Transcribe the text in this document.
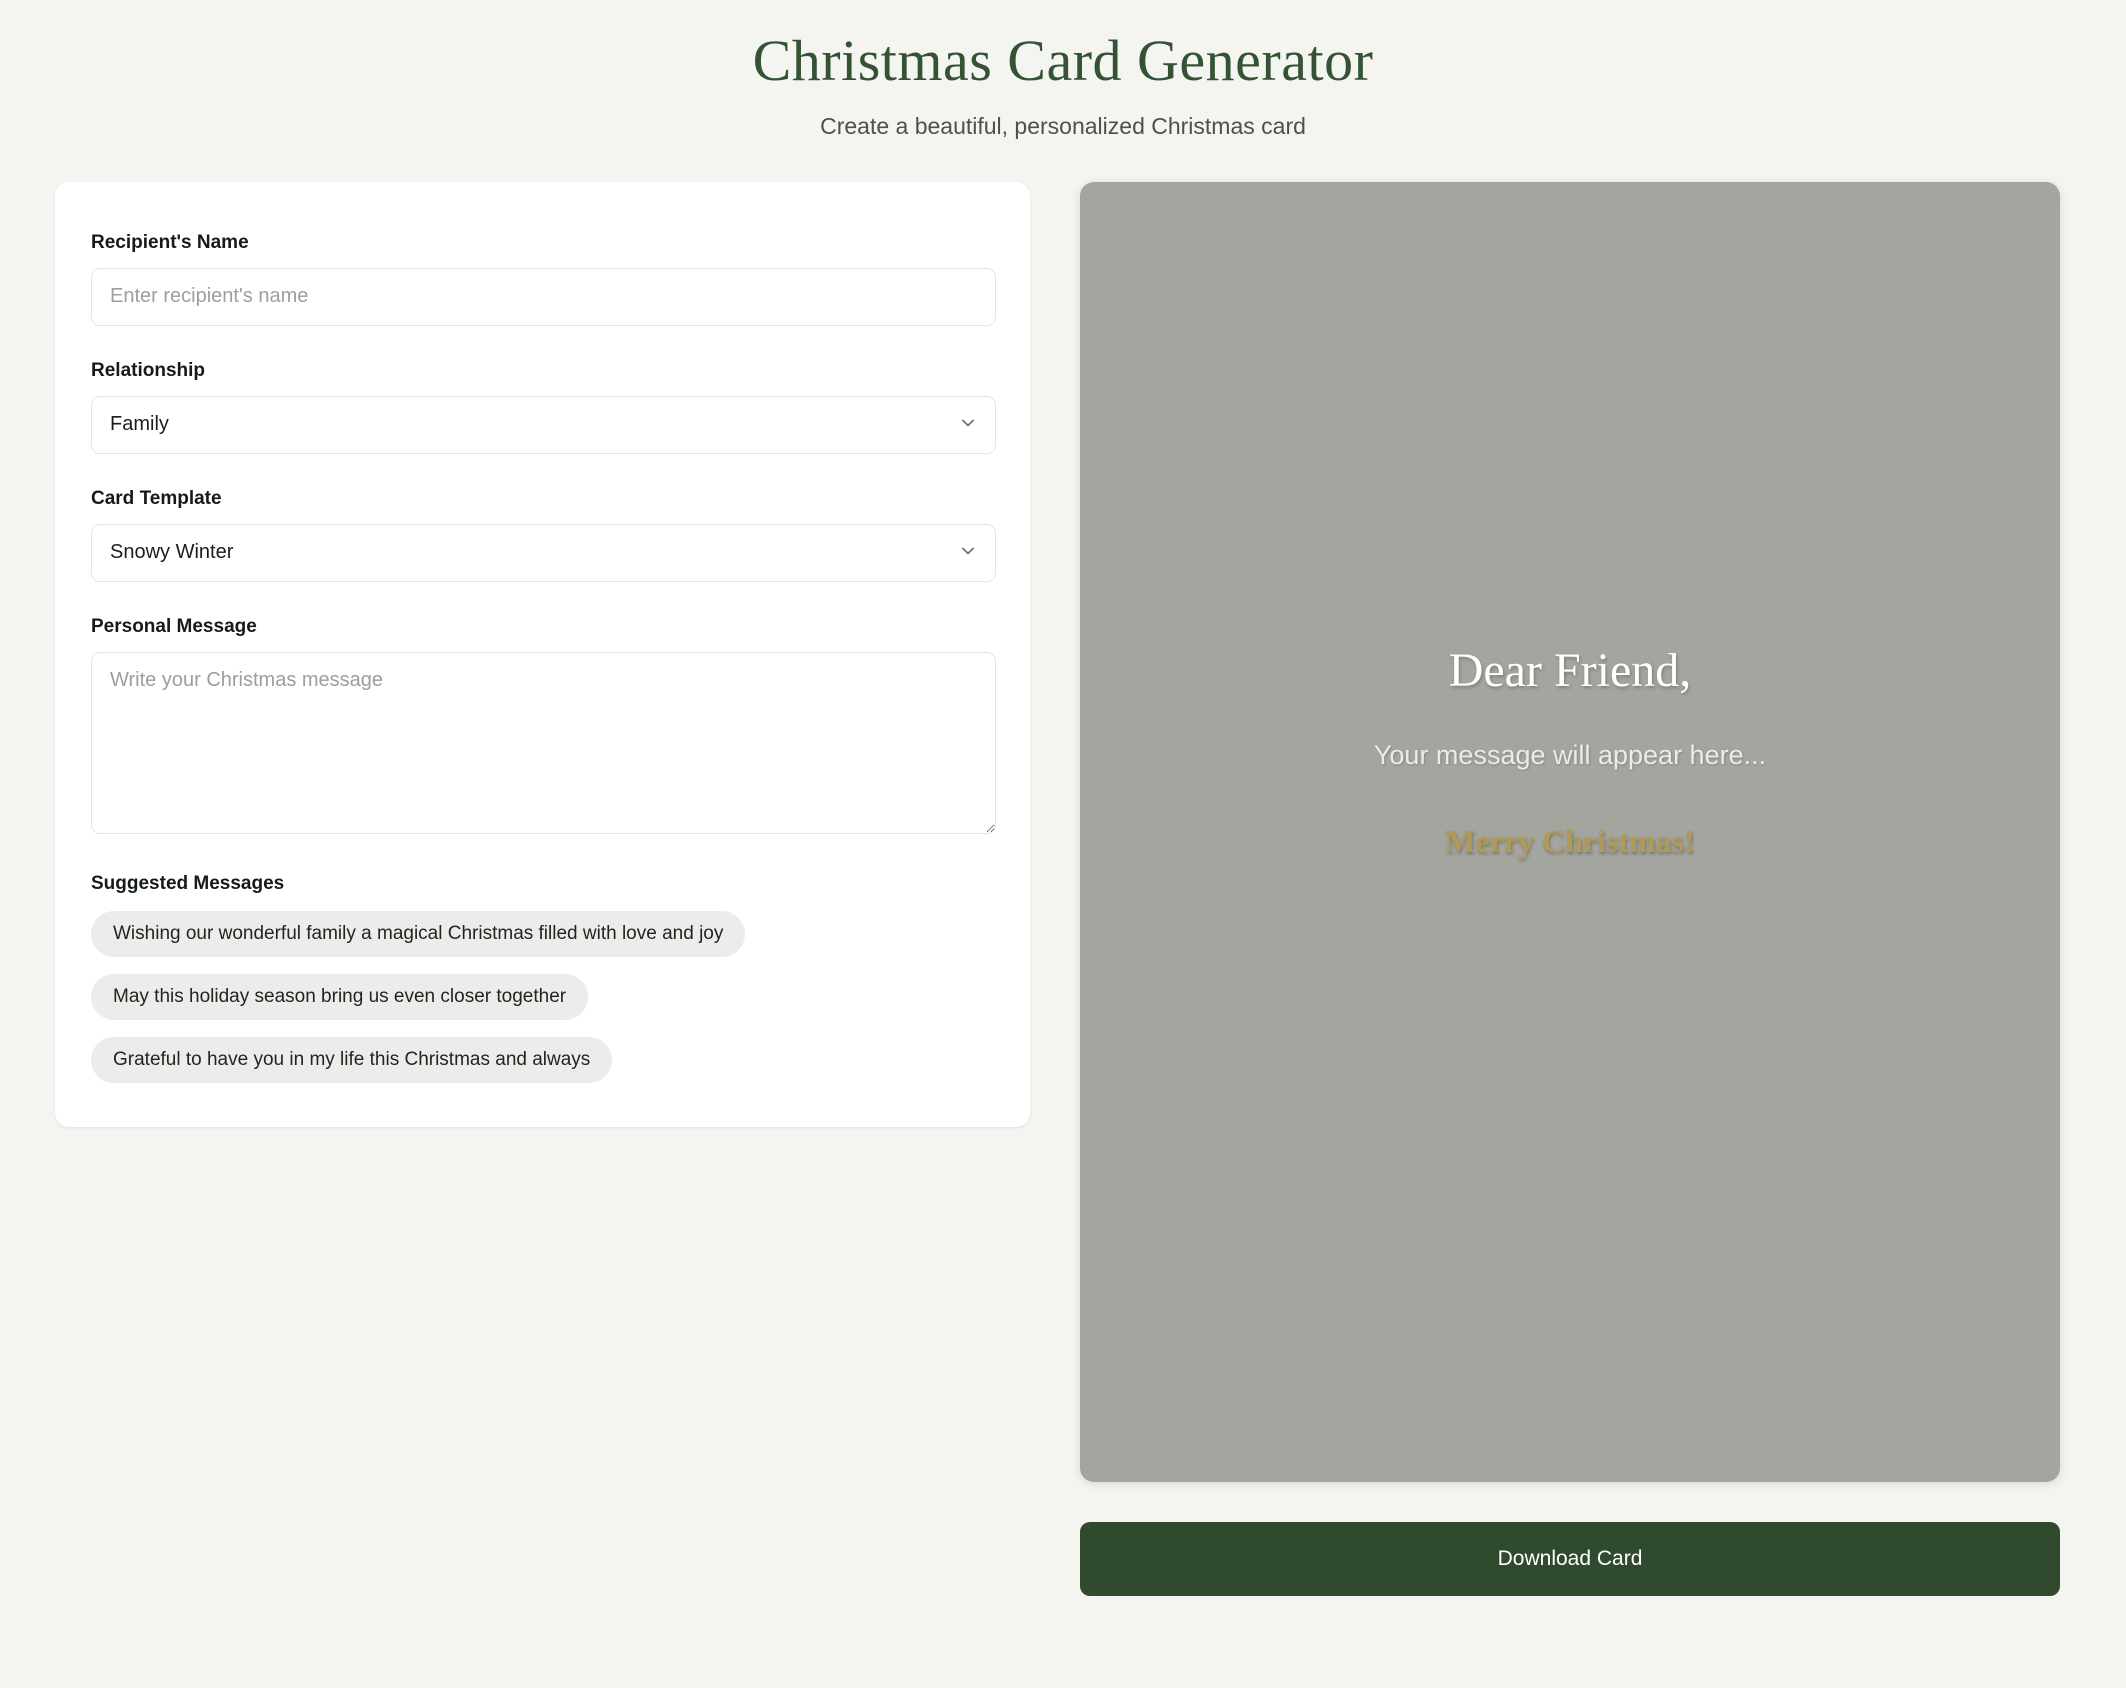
Christmas Card Generator

Create a beautiful, personalized Christmas card

Recipient's Name
Enter recipient's name
Relationship
Family
Card Template
Snowy Winter
Personal Message
Write your Christmas message
Suggested Messages
Wishing our wonderful family a magical Christmas filled with love and joy
May this holiday season bring us even closer together
Grateful to have you in my life this Christmas and always

Dear Friend,

Your message will appear here...

Merry Christmas!

Download Card
